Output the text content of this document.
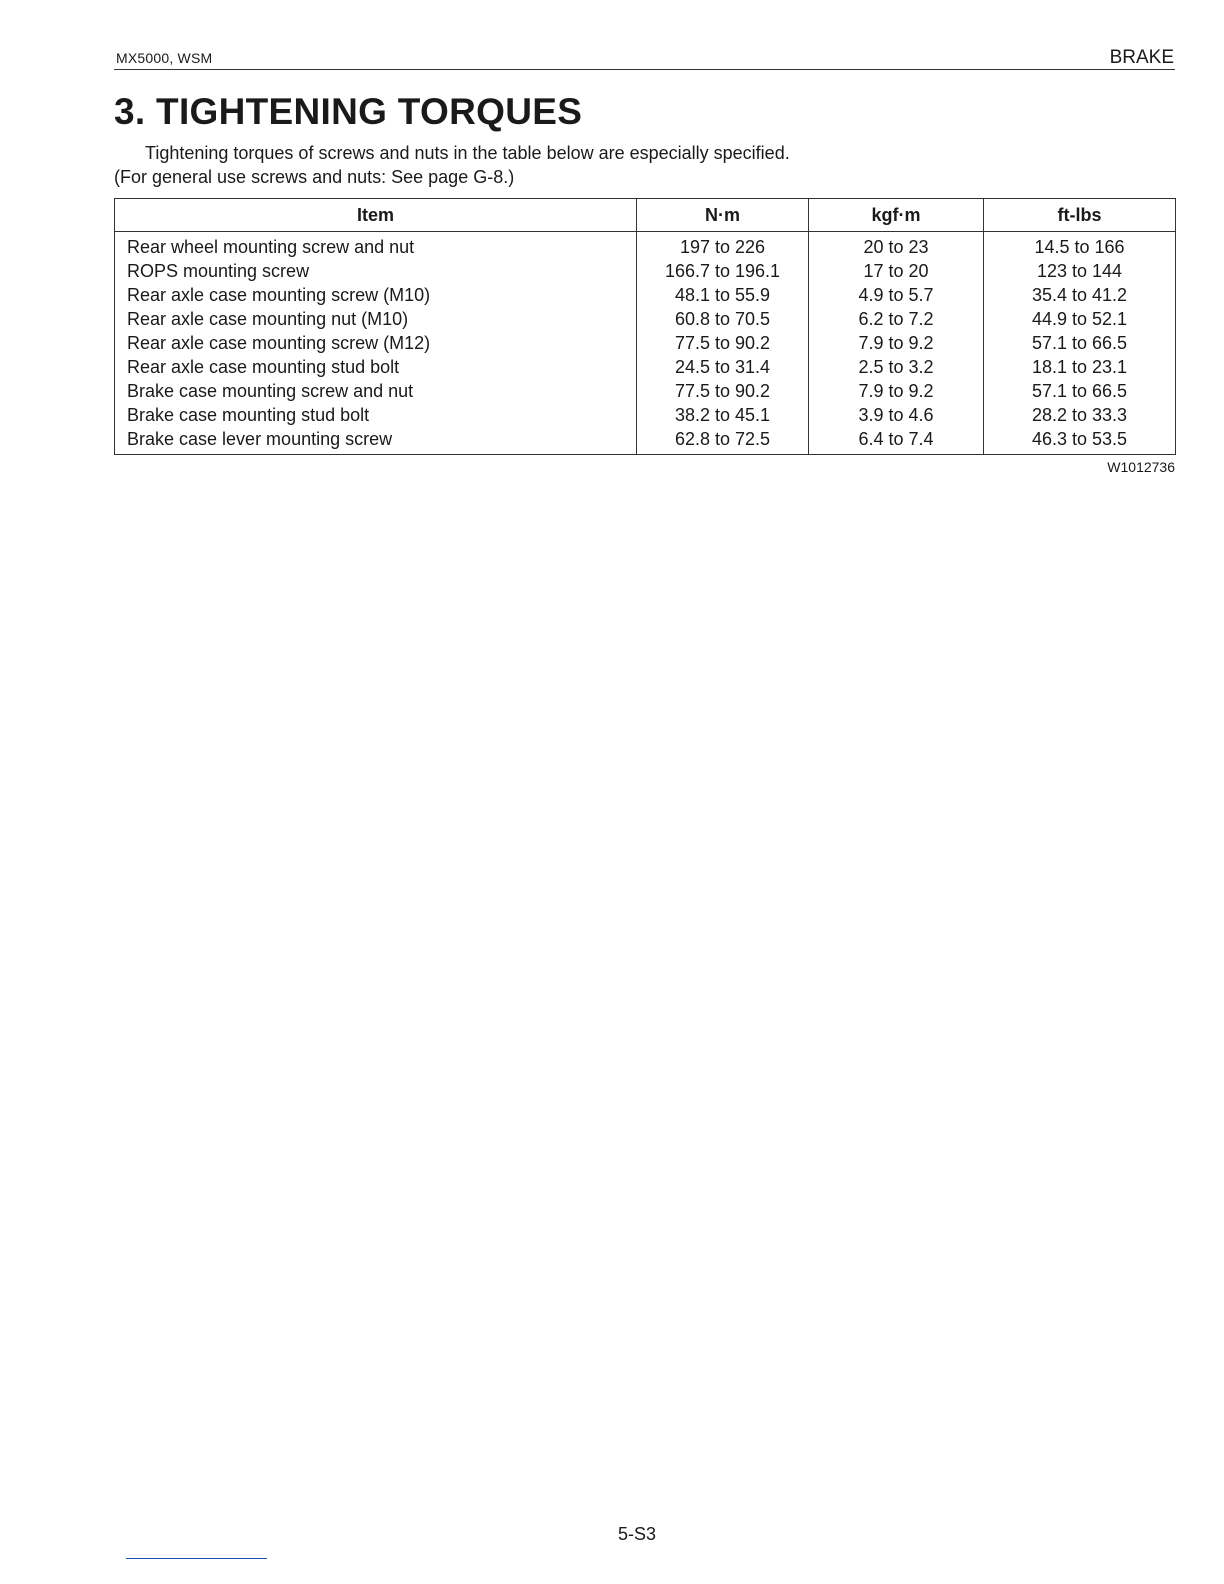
MX5000, WSM	BRAKE
3. TIGHTENING TORQUES
Tightening torques of screws and nuts in the table below are especially specified.
(For general use screws and nuts: See page G-8.)
Item	N·m	kgf·m	ft-lbs
Rear wheel mounting screw and nut	197 to 226	20 to 23	14.5 to 166
ROPS mounting screw	166.7 to 196.1	17 to 20	123 to 144
Rear axle case mounting screw (M10)	48.1 to 55.9	4.9 to 5.7	35.4 to 41.2
Rear axle case mounting nut (M10)	60.8 to 70.5	6.2 to 7.2	44.9 to 52.1
Rear axle case mounting screw (M12)	77.5 to 90.2	7.9 to 9.2	57.1 to 66.5
Rear axle case mounting stud bolt	24.5 to 31.4	2.5 to 3.2	18.1 to 23.1
Brake case mounting screw and nut	77.5 to 90.2	7.9 to 9.2	57.1 to 66.5
Brake case mounting stud bolt	38.2 to 45.1	3.9 to 4.6	28.2 to 33.3
Brake case lever mounting screw	62.8 to 72.5	6.4 to 7.4	46.3 to 53.5
W1012736
5-S3
